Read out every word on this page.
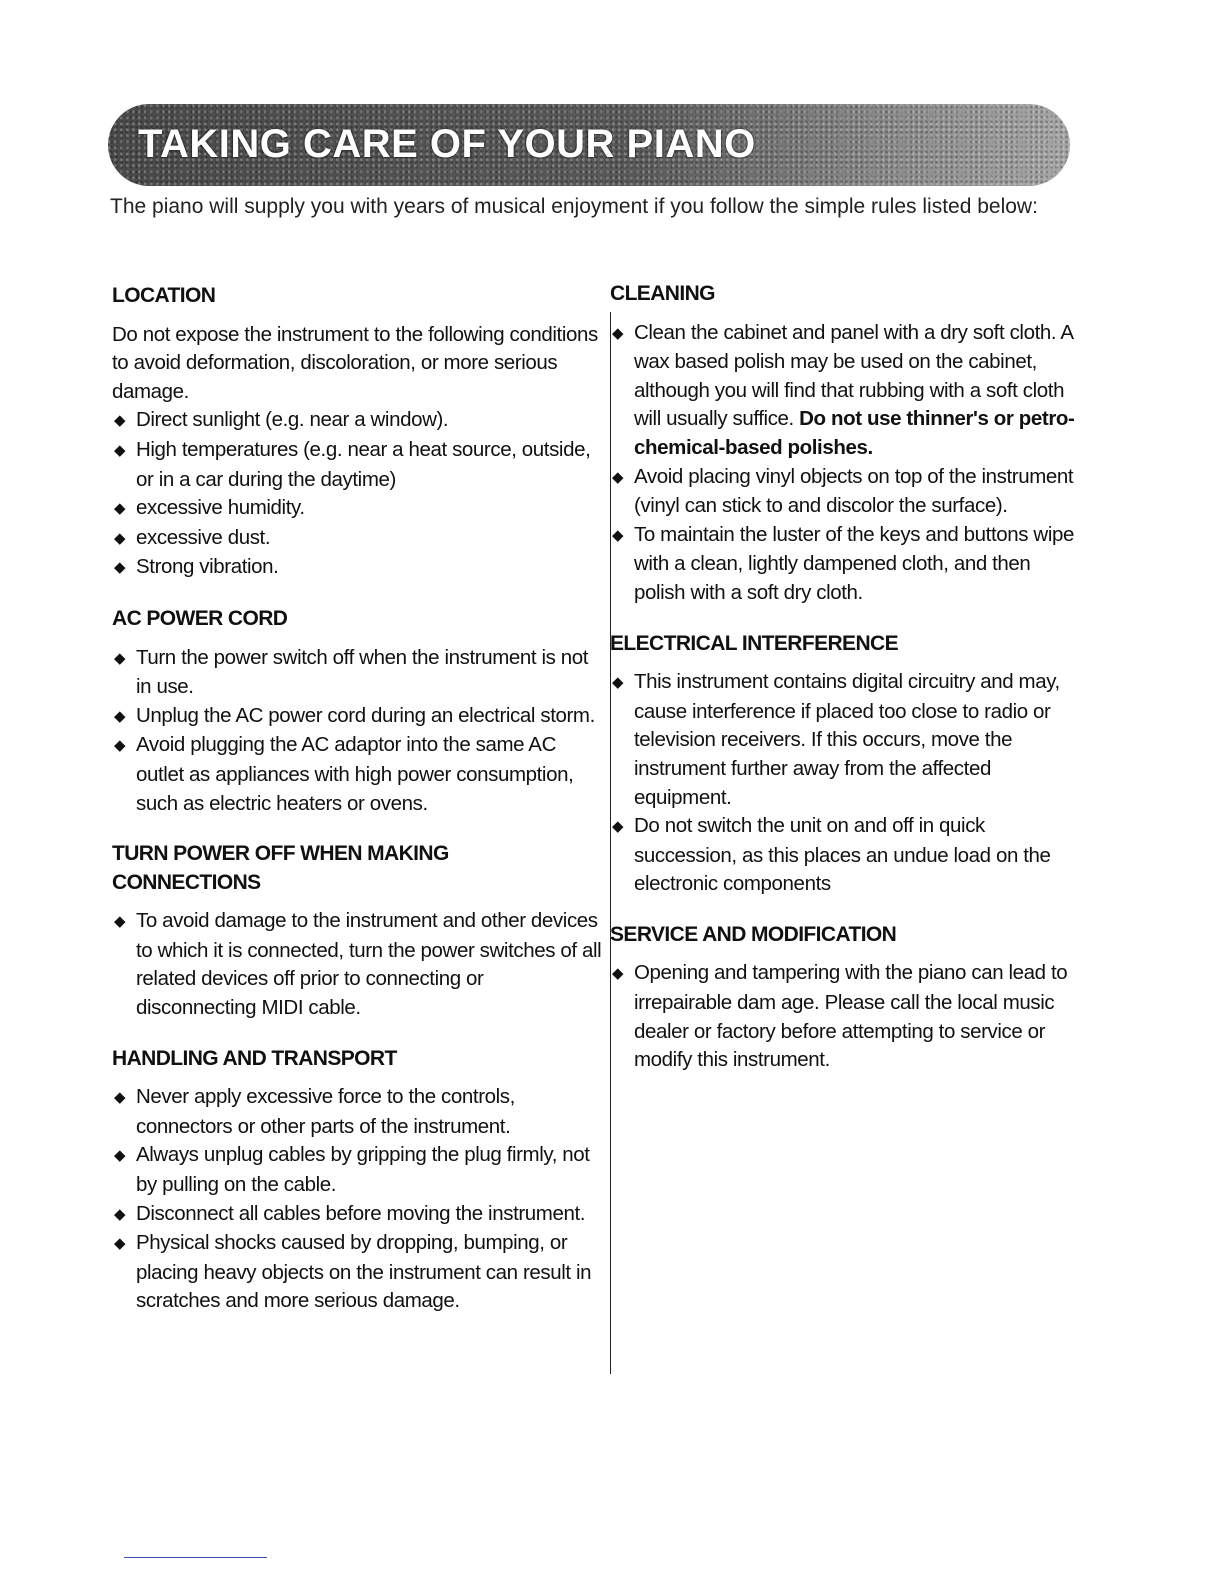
TAKING CARE OF YOUR PIANO
The piano will supply you with years of musical enjoyment if you follow the simple rules listed below:
LOCATION

Do not expose the instrument to the following conditions to avoid deformation, discoloration, or more serious damage.

◆ Direct sunlight (e.g. near a window).

◆ High temperatures (e.g. near a heat source, outside, or in a car during the daytime)

◆ excessive humidity.

◆ excessive dust.

◆ Strong vibration.

AC POWER CORD

◆ Turn the power switch off when the instrument is not in use.

◆ Unplug the AC power cord during an electrical storm.

◆ Avoid plugging the AC adaptor into the same AC outlet as appliances with high power consumption, such as electric heaters or ovens.

TURN POWER OFF WHEN MAKING CONNECTIONS

◆ To avoid damage to the instrument and other devices to which it is connected, turn the power switches of all related devices off prior to connecting or disconnecting MIDI cable.

HANDLING AND TRANSPORT

◆ Never apply excessive force to the controls, connectors or other parts of the instrument.

◆ Always unplug cables by gripping the plug firmly, not by pulling on the cable.

◆ Disconnect all cables before moving the instrument.

◆ Physical shocks caused by dropping, bumping, or placing heavy objects on the instrument can result in scratches and more serious damage.

CLEANING

◆ Clean the cabinet and panel with a dry soft cloth. A wax based polish may be used on the cabinet, although you will find that rubbing with a soft cloth will usually suffice. Do not use thinner's or petro-chemical-based polishes.

◆ Avoid placing vinyl objects on top of the instrument (vinyl can stick to and discolor the surface).

◆ To maintain the luster of the keys and buttons wipe with a clean, lightly dampened cloth, and then polish with a soft dry cloth.

ELECTRICAL INTERFERENCE

◆ This instrument contains digital circuitry and may, cause interference if placed too close to radio or television receivers. If this occurs, move the instrument further away from the affected equipment.

◆ Do not switch the unit on and off in quick succession, as this places an undue load on the electronic components

SERVICE AND MODIFICATION

◆ Opening and tampering with the piano can lead to irrepairable dam age. Please call the local music dealer or factory before attempting to service or modify this instrument.
